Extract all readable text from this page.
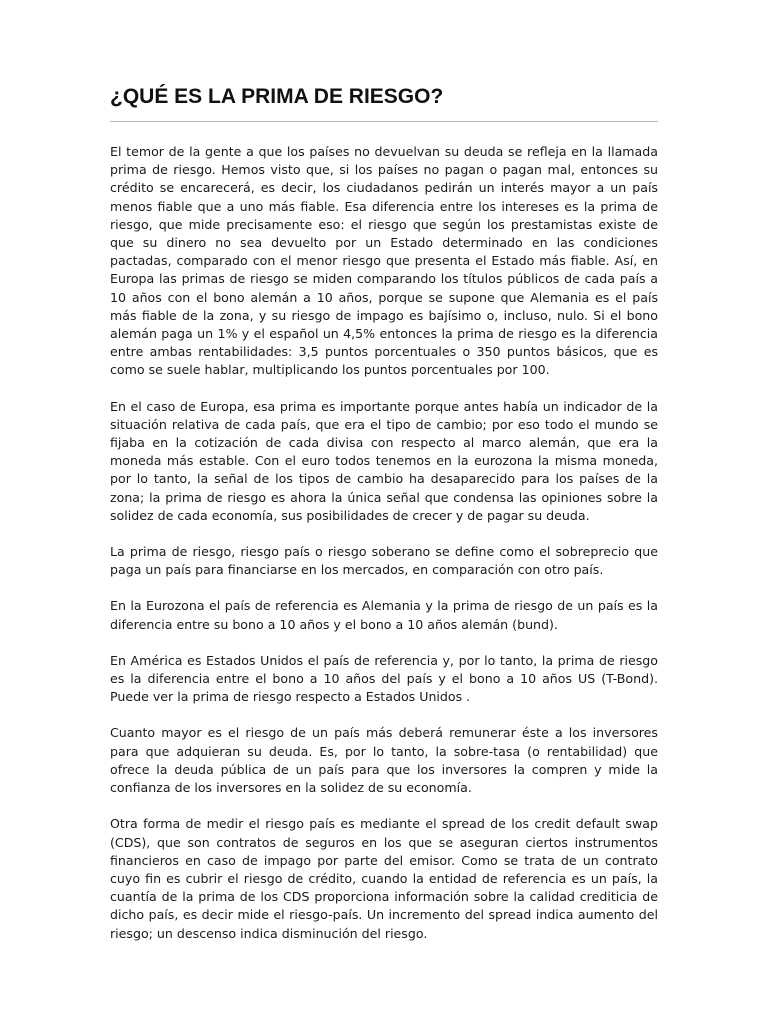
¿QUÉ ES LA PRIMA DE RIESGO?

El temor de la gente a que los países no devuelvan su deuda se refleja en la llamada prima de riesgo. Hemos visto que, si los países no pagan o pagan mal, entonces su crédito se encarecerá, es decir, los ciudadanos pedirán un interés mayor a un país menos fiable que a uno más fiable. Esa diferencia entre los intereses es la prima de riesgo, que mide precisamente eso: el riesgo que según los prestamistas existe de que su dinero no sea devuelto por un Estado determinado en las condiciones pactadas, comparado con el menor riesgo que presenta el Estado más fiable. Así, en Europa las primas de riesgo se miden comparando los títulos públicos de cada país a 10 años con el bono alemán a 10 años, porque se supone que Alemania es el país más fiable de la zona, y su riesgo de impago es bajísimo o, incluso, nulo. Si el bono alemán paga un 1% y el español un 4,5% entonces la prima de riesgo es la diferencia entre ambas rentabilidades: 3,5 puntos porcentuales o 350 puntos básicos, que es como se suele hablar, multiplicando los puntos porcentuales por 100.

En el caso de Europa, esa prima es importante porque antes había un indicador de la situación relativa de cada país, que era el tipo de cambio; por eso todo el mundo se fijaba en la cotización de cada divisa con respecto al marco alemán, que era la moneda más estable. Con el euro todos tenemos en la eurozona la misma moneda, por lo tanto, la señal de los tipos de cambio ha desaparecido para los países de la zona; la prima de riesgo es ahora la única señal que condensa las opiniones sobre la solidez de cada economía, sus posibilidades de crecer y de pagar su deuda.

La prima de riesgo, riesgo país o riesgo soberano se define como el sobreprecio que paga un país para financiarse en los mercados, en comparación con otro país.

En la Eurozona el país de referencia es Alemania y la prima de riesgo de un país es la diferencia entre su bono a 10 años y el bono a 10 años alemán (bund).

En América es Estados Unidos el país de referencia y, por lo tanto, la prima de riesgo es la diferencia entre el bono a 10 años del país y el bono a 10 años US (T-Bond). Puede ver la prima de riesgo respecto a Estados Unidos .

Cuanto mayor es el riesgo de un país más deberá remunerar éste a los inversores para que adquieran su deuda. Es, por lo tanto, la sobre-tasa (o rentabilidad) que ofrece la deuda pública de un país para que los inversores la compren y mide la confianza de los inversores en la solidez de su economía.

Otra forma de medir el riesgo país es mediante el spread de los credit default swap (CDS), que son contratos de seguros en los que se aseguran ciertos instrumentos financieros en caso de impago por parte del emisor. Como se trata de un contrato cuyo fin es cubrir el riesgo de crédito, cuando la entidad de referencia es un país, la cuantía de la prima de los CDS proporciona información sobre la calidad crediticia de dicho país, es decir mide el riesgo-país. Un incremento del spread indica aumento del riesgo; un descenso indica disminución del riesgo.
